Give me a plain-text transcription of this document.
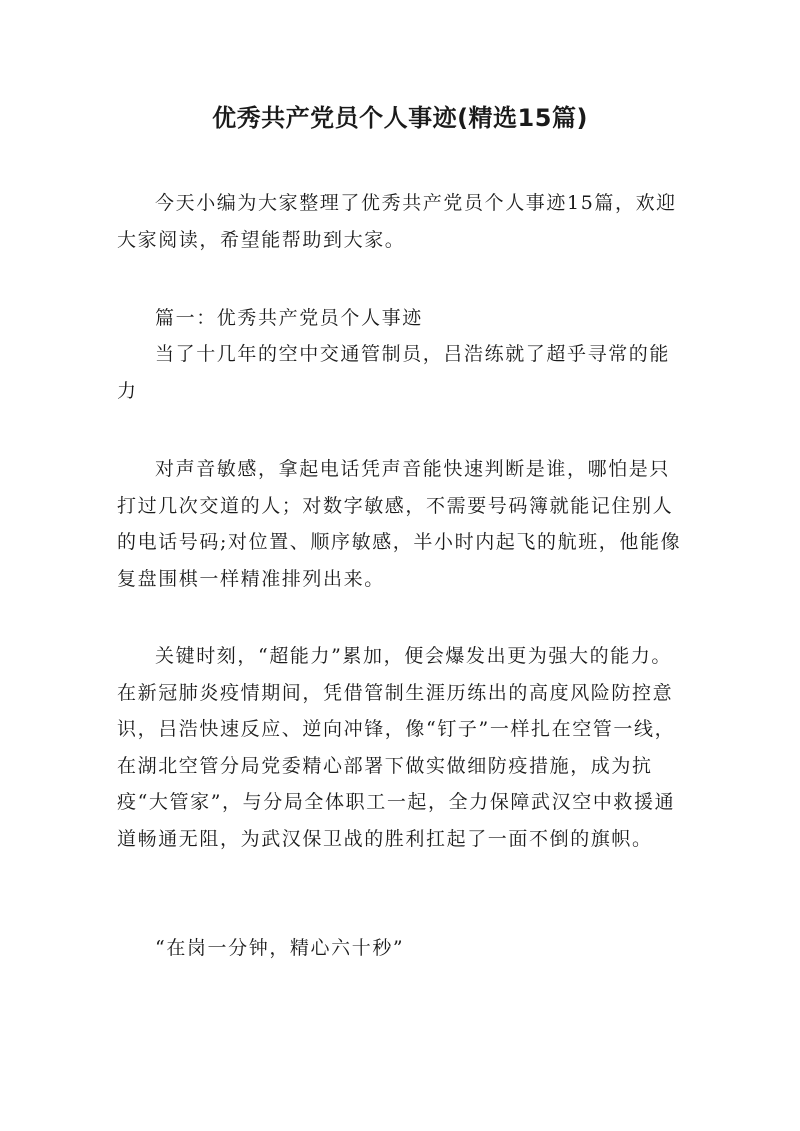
优秀共产党员个人事迹(精选15篇)

今天小编为大家整理了优秀共产党员个人事迹15篇，欢迎大家阅读，希望能帮助到大家。

篇一：优秀共产党员个人事迹

当了十几年的空中交通管制员，吕浩练就了超乎寻常的能力

对声音敏感，拿起电话凭声音能快速判断是谁，哪怕是只打过几次交道的人；对数字敏感，不需要号码簿就能记住别人的电话号码;对位置、顺序敏感，半小时内起飞的航班，他能像复盘围棋一样精准排列出来。

关键时刻，“超能力”累加，便会爆发出更为强大的能力。在新冠肺炎疫情期间，凭借管制生涯历练出的高度风险防控意识，吕浩快速反应、逆向冲锋，像“钉子”一样扎在空管一线，在湖北空管分局党委精心部署下做实做细防疫措施，成为抗疫“大管家”，与分局全体职工一起，全力保障武汉空中救援通道畅通无阻，为武汉保卫战的胜利扛起了一面不倒的旗帜。

“在岗一分钟，精心六十秒”
